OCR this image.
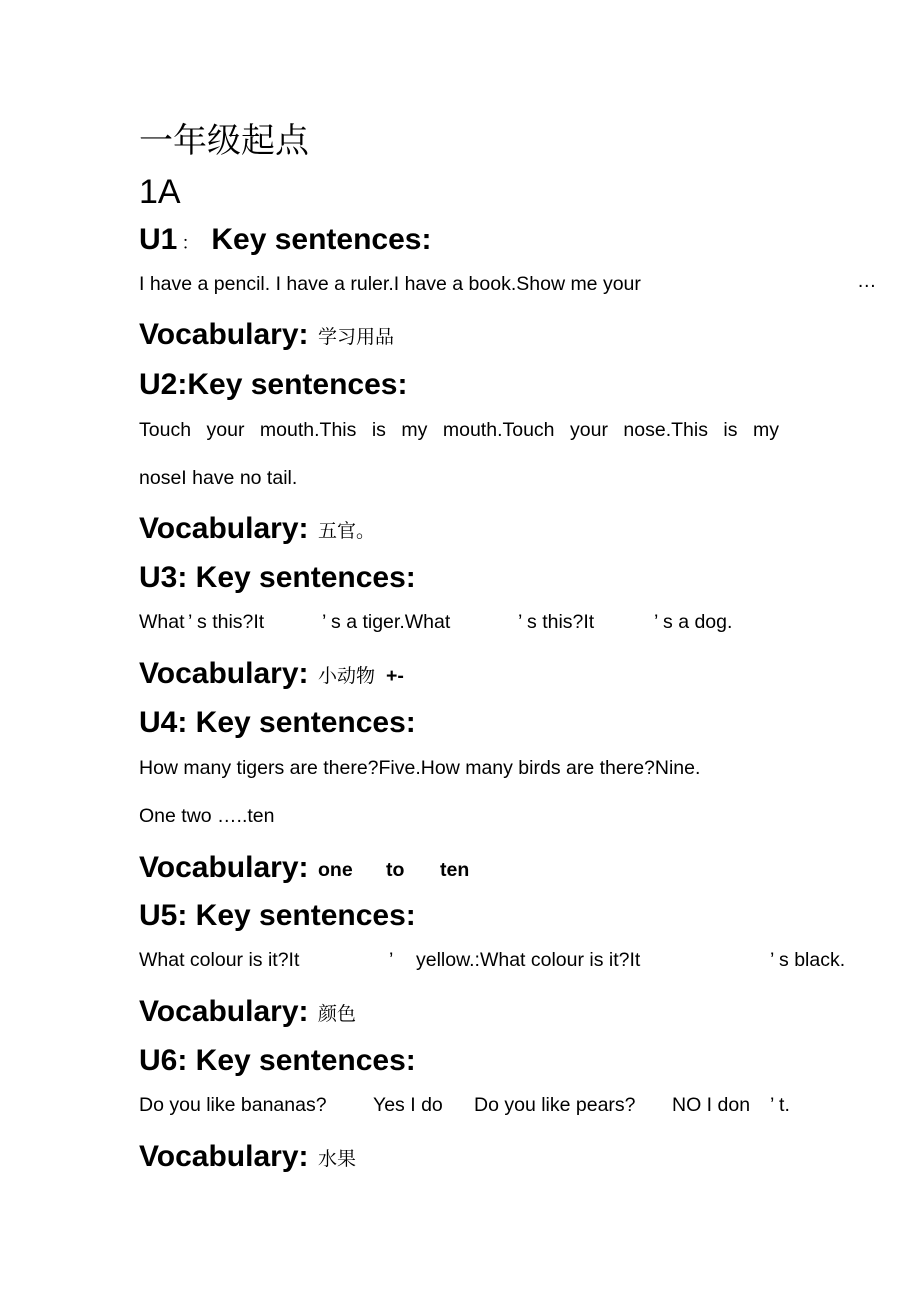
一年级起点
1A
U1 ： Key sentences:
I have a pencil. I have a ruler.I have a book.Show me your	…
Vocabulary: 学习用品
U2:Key sentences:
Touch your mouth.This is my mouth.Touch your nose.This is my
noseI have no tail.
Vocabulary: 五官。
U3: Key sentences:
What ’ s this?It	’ s a tiger.What	’ s this?It	’ s a dog.
Vocabulary: 小动物 +-
U4: Key sentences:
How many tigers are there?Five.How many birds are there?Nine.
One two …..ten
Vocabulary: one to ten
U5: Key sentences:
What colour is it?It	’ yellow.:What colour is it?It	’ s black.
Vocabulary: 颜色
U6: Key sentences:
Do you like bananas? Yes I do Do you like pears? NO I don ’ t.
Vocabulary: 水果
